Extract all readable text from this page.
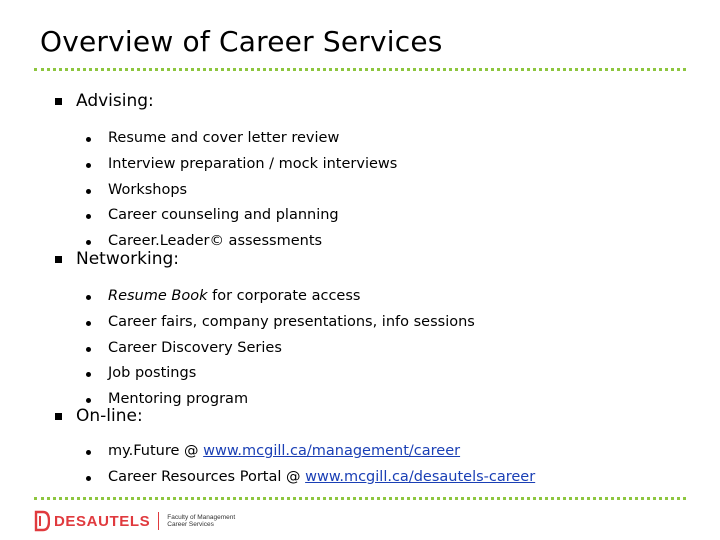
Overview of Career Services
Advising:
Resume and cover letter review
Interview preparation / mock interviews
Workshops
Career counseling and planning
Career.Leader© assessments
Networking:
Resume Book for corporate access
Career fairs, company presentations, info sessions
Career Discovery Series
Job postings
Mentoring program
On-line:
my.Future @ www.mcgill.ca/management/career
Career Resources Portal @ www.mcgill.ca/desautels-career
DESAUTELS	Faculty of Management
Career Services
